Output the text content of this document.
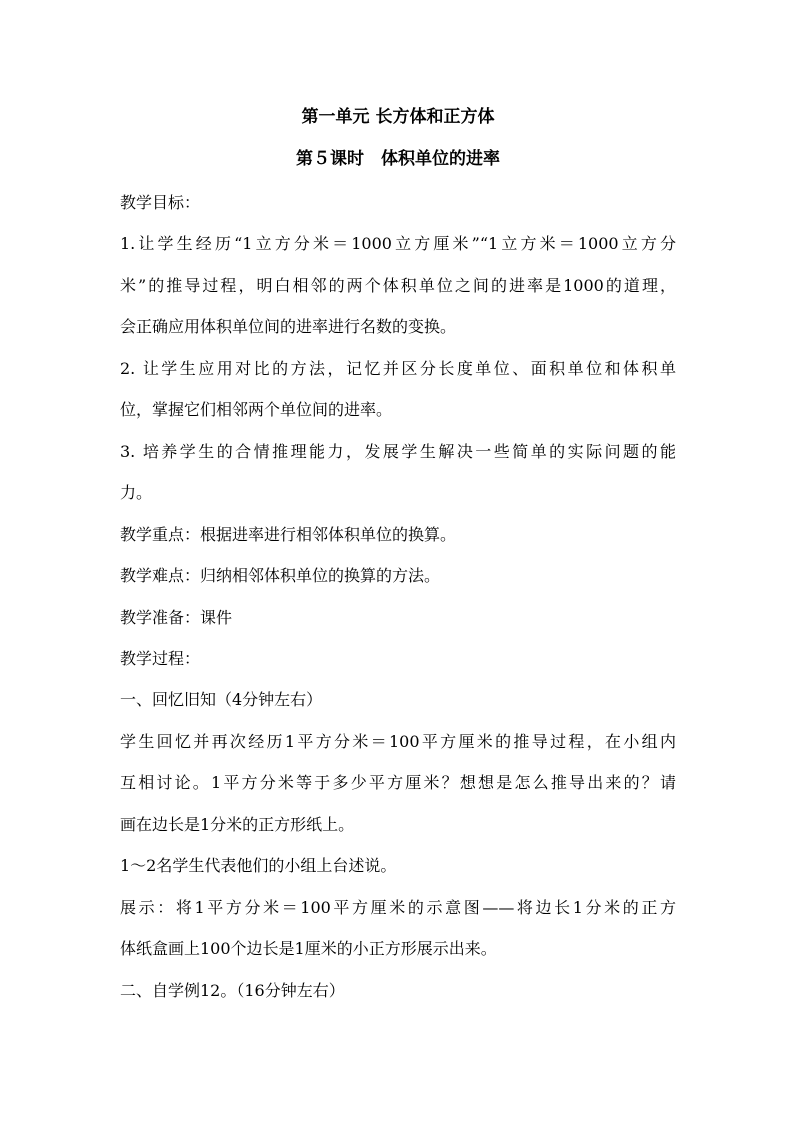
第一单元 长方体和正方体
第５课时　体积单位的进率
教学目标：
1.让学生经历“1立方分米＝1000立方厘米”“1立方米＝1000立方分
米”的推导过程，明白相邻的两个体积单位之间的进率是1000的道理，
会正确应用体积单位间的进率进行名数的变换。
2. 让学生应用对比的方法，记忆并区分长度单位、面积单位和体积单
位，掌握它们相邻两个单位间的进率。
3. 培养学生的合情推理能力，发展学生解决一些简单的实际问题的能
力。
教学重点：根据进率进行相邻体积单位的换算。
教学难点：归纳相邻体积单位的换算的方法。
教学准备：课件
教学过程：
一、回忆旧知（4分钟左右）
学生回忆并再次经历1平方分米＝100平方厘米的推导过程，在小组内
互相讨论。1平方分米等于多少平方厘米？想想是怎么推导出来的？请
画在边长是1分米的正方形纸上。
1～2名学生代表他们的小组上台述说。
展示：将1平方分米＝100平方厘米的示意图——将边长1分米的正方
体纸盒画上100个边长是1厘米的小正方形展示出来。
二、自学例12。（16分钟左右）
